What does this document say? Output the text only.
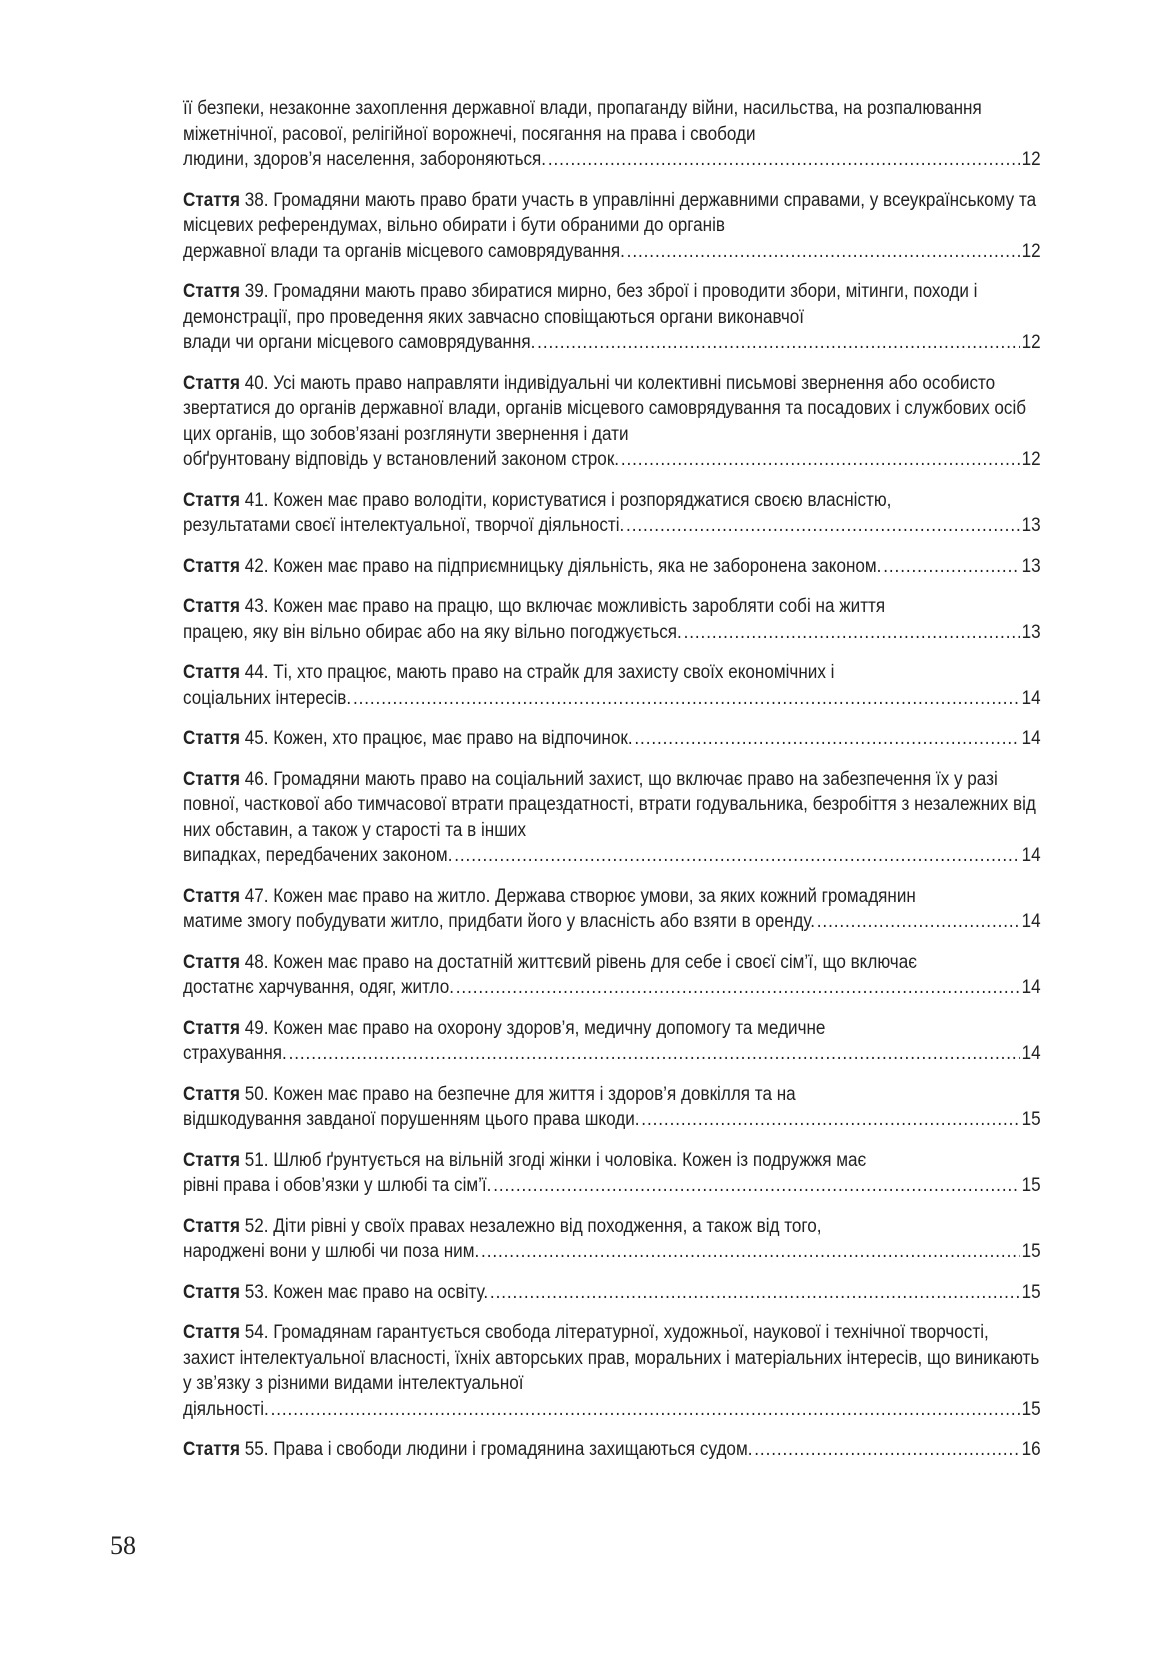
її безпеки, незаконне захоплення державної влади, пропаганду війни, насильства, на розпалювання міжетнічної, расової, релігійної ворожнечі, посягання на права і свободи
людини, здоров’я населення, забороняються. .....	12
Стаття 38. Громадяни мають право брати участь в управлінні державними справами, у всеукраїнському та місцевих референдумах, вільно обирати і бути обраними до органів
державної влади та органів місцевого самоврядування. .....	12
Стаття 39. Громадяни мають право збиратися мирно, без зброї і проводити збори, мітинги, походи і демонстрації, про проведення яких завчасно сповіщаються органи виконавчої
влади чи органи місцевого самоврядування. .....	12
Стаття 40. Усі мають право направляти індивідуальні чи колективні письмові звернення або особисто звертатися до органів державної влади, органів місцевого самоврядування та посадових і службових осіб цих органів, що зобов’язані розглянути звернення і дати
обґрунтовану відповідь у встановлений законом строк. .....	12
Стаття 41. Кожен має право володіти, користуватися і розпоряджатися своєю власністю,
результатами своєї інтелектуальної, творчої діяльності. .....	13
Стаття 42. Кожен має право на підприємницьку діяльність, яка не заборонена законом. .....	13
Стаття 43. Кожен має право на працю, що включає можливість заробляти собі на життя
працею, яку він вільно обирає або на яку вільно погоджується. .....	13
Стаття 44. Ті, хто працює, мають право на страйк для захисту своїх економічних і
соціальних інтересів. .....	14
Стаття 45. Кожен, хто працює, має право на відпочинок. .....	14
Стаття 46. Громадяни мають право на соціальний захист, що включає право на забезпечення їх у разі повної, часткової або тимчасової втрати працездатності, втрати годувальника, безробіття з незалежних від них обставин, а також у старості та в інших
випадках, передбачених законом. .....	14
Стаття 47. Кожен має право на житло. Держава створює умови, за яких кожний громадянин
матиме змогу побудувати житло, придбати його у власність або взяти в оренду. .....	14
Стаття 48. Кожен має право на достатній життєвий рівень для себе і своєї сім’ї, що включає
достатнє харчування, одяг, житло. .....	14
Стаття 49. Кожен має право на охорону здоров’я, медичну допомогу та медичне
страхування. .....	14
Стаття 50. Кожен має право на безпечне для життя і здоров’я довкілля та на
відшкодування завданої порушенням цього права шкоди. .....	15
Стаття 51. Шлюб ґрунтується на вільній згоді жінки і чоловіка. Кожен із подружжя має
рівні права і обов’язки у шлюбі та сім’ї. .....	15
Стаття 52. Діти рівні у своїх правах незалежно від походження, а також від того,
народжені вони у шлюбі чи поза ним. .....	15
Стаття 53. Кожен має право на освіту. .....	15
Стаття 54. Громадянам гарантується свобода літературної, художньої, наукової і технічної творчості, захист інтелектуальної власності, їхніх авторських прав, моральних і матеріальних інтересів, що виникають у зв’язку з різними видами інтелектуальної
діяльності. .....	15
Стаття 55. Права і свободи людини і громадянина захищаються судом. .....	16
58
